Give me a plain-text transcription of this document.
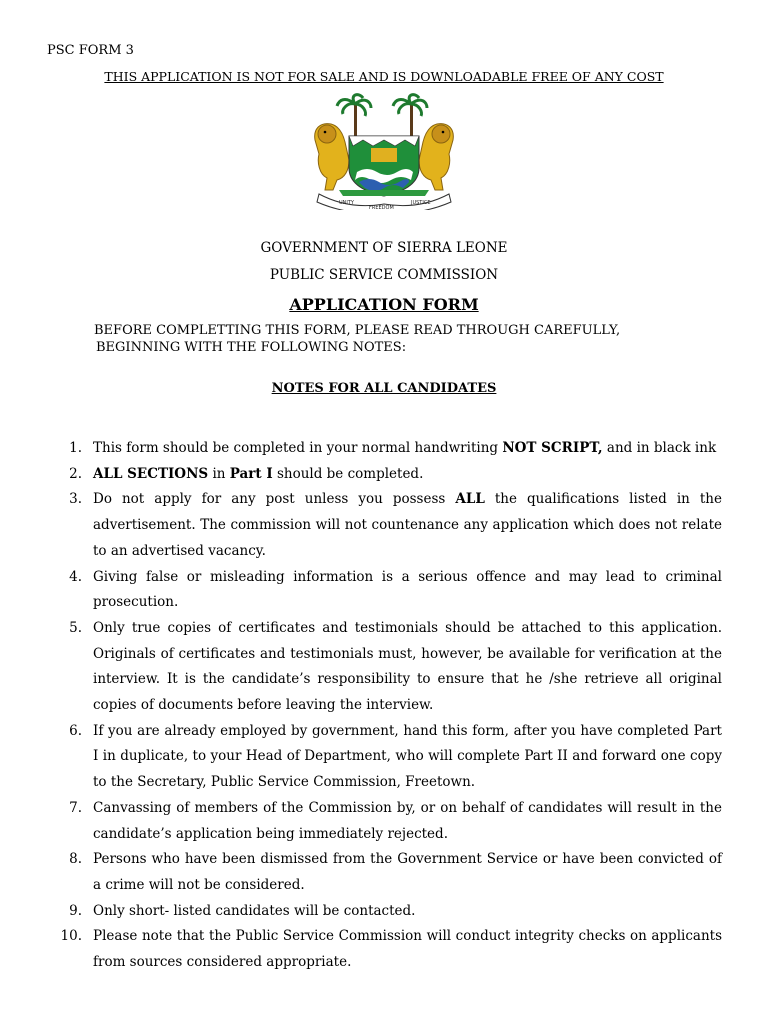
PSC FORM 3
THIS APPLICATION IS NOT FOR SALE AND IS DOWNLOADABLE FREE OF ANY COST
UNITY
FREEDOM
JUSTICE
GOVERNMENT OF SIERRA LEONE
PUBLIC SERVICE COMMISSION
APPLICATION FORM
BEFORE COMPLETTING THIS FORM, PLEASE READ THROUGH CAREFULLY,
BEGINNING WITH THE FOLLOWING NOTES:
NOTES FOR ALL CANDIDATES
1. This form should be completed in your normal handwriting NOT SCRIPT, and in black ink
2. ALL SECTIONS in Part I should be completed.
3. Do not apply for any post unless you possess ALL the qualifications listed in the advertisement. The commission will not countenance any application which does not relate to an advertised vacancy.
4. Giving false or misleading information is a serious offence and may lead to criminal prosecution.
5. Only true copies of certificates and testimonials should be attached to this application. Originals of certificates and testimonials must, however, be available for verification at the interview. It is the candidate’s responsibility to ensure that he /she retrieve all original copies of documents before leaving the interview.
6. If you are already employed by government, hand this form, after you have completed Part I in duplicate, to your Head of Department, who will complete Part II and forward one copy to the Secretary, Public Service Commission, Freetown.
7. Canvassing of members of the Commission by, or on behalf of candidates will result in the candidate’s application being immediately rejected.
8. Persons who have been dismissed from the Government Service or have been convicted of a crime will not be considered.
9. Only short- listed candidates will be contacted.
10. Please note that the Public Service Commission will conduct integrity checks on applicants from sources considered appropriate.
